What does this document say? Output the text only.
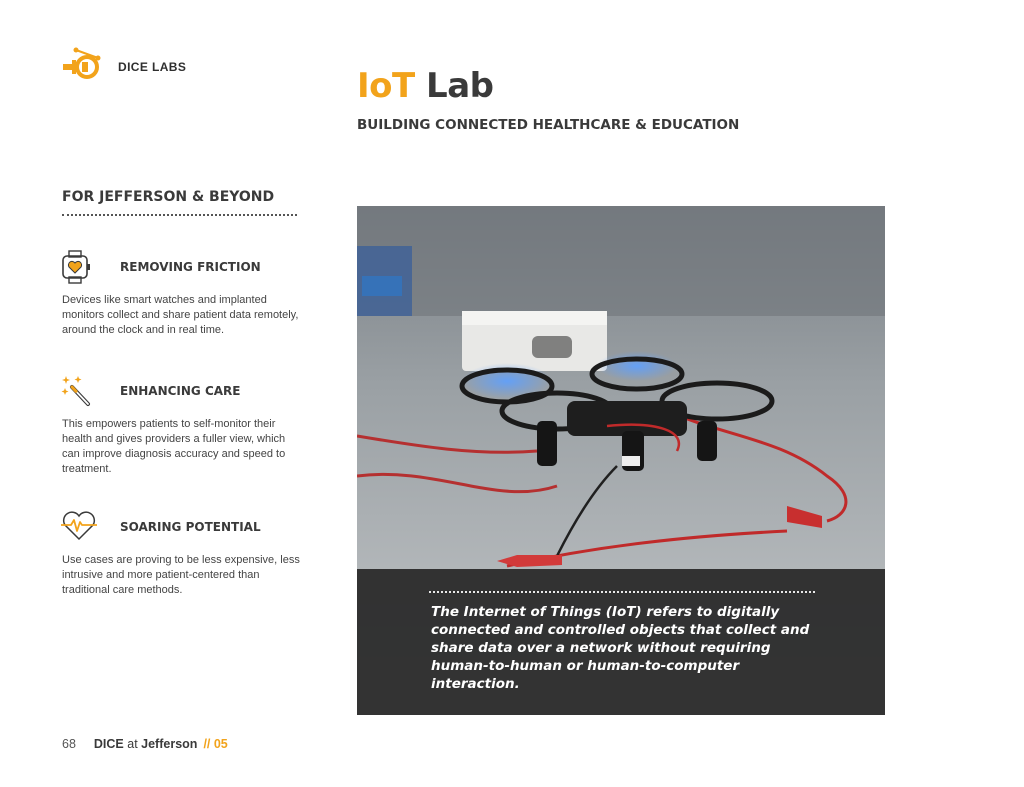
DICE LABS	IoT Lab
BUILDING CONNECTED HEALTHCARE & EDUCATION
FOR JEFFERSON & BEYOND
REMOVING FRICTION
Devices like smart watches and implanted monitors collect and share patient data remotely, around the clock and in real time.
ENHANCING CARE
This empowers patients to self-monitor their health and gives providers a fuller view, which can improve diagnosis accuracy and speed to treatment.
SOARING POTENTIAL
Use cases are proving to be less expensive, less intrusive and more patient-centered than traditional care methods.
The Internet of Things (IoT) refers to digitally connected and controlled objects that collect and share data over a network without requiring human-to-human or human-to-computer interaction.
68 DICE at Jefferson // 05
